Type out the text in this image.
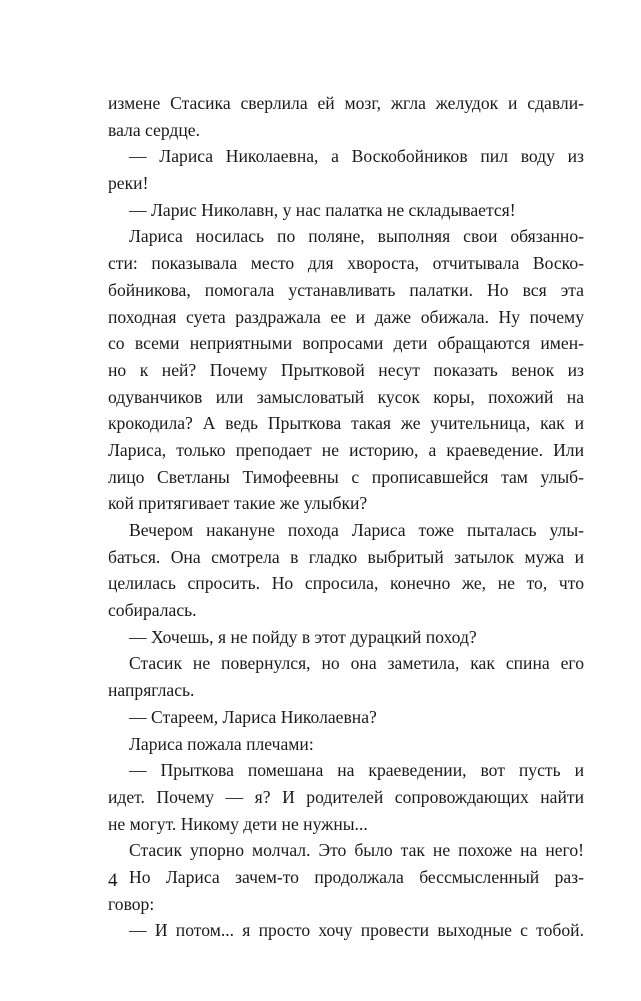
измене Стасика сверлила ей мозг, жгла желудок и сдавли-
вала сердце.
— Лариса Николаевна, а Воскобойников пил воду из
реки!
— Ларис Николавн, у нас палатка не складывается!
Лариса носилась по поляне, выполняя свои обязанно-
сти: показывала место для хвороста, отчитывала Воско-
бойникова, помогала устанавливать палатки. Но вся эта
походная суета раздражала ее и даже обижала. Ну почему
со всеми неприятными вопросами дети обращаются имен-
но к ней? Почему Прытковой несут показать венок из
одуванчиков или замысловатый кусок коры, похожий на
крокодила? А ведь Прыткова такая же учительница, как и
Лариса, только преподает не историю, а краеведение. Или
лицо Светланы Тимофеевны с прописавшейся там улыб-
кой притягивает такие же улыбки?
Вечером накануне похода Лариса тоже пыталась улы-
баться. Она смотрела в гладко выбритый затылок мужа и
целилась спросить. Но спросила, конечно же, не то, что
собиралась.
— Хочешь, я не пойду в этот дурацкий поход?
Стасик не повернулся, но она заметила, как спина его
напряглась.
— Стареем, Лариса Николаевна?
Лариса пожала плечами:
— Прыткова помешана на краеведении, вот пусть и
идет. Почему — я? И родителей сопровождающих найти
не могут. Никому дети не нужны...
Стасик упорно молчал. Это было так не похоже на него!
Но Лариса зачем-то продолжала бессмысленный раз-
говор:
— И потом... я просто хочу провести выходные с тобой.
4
